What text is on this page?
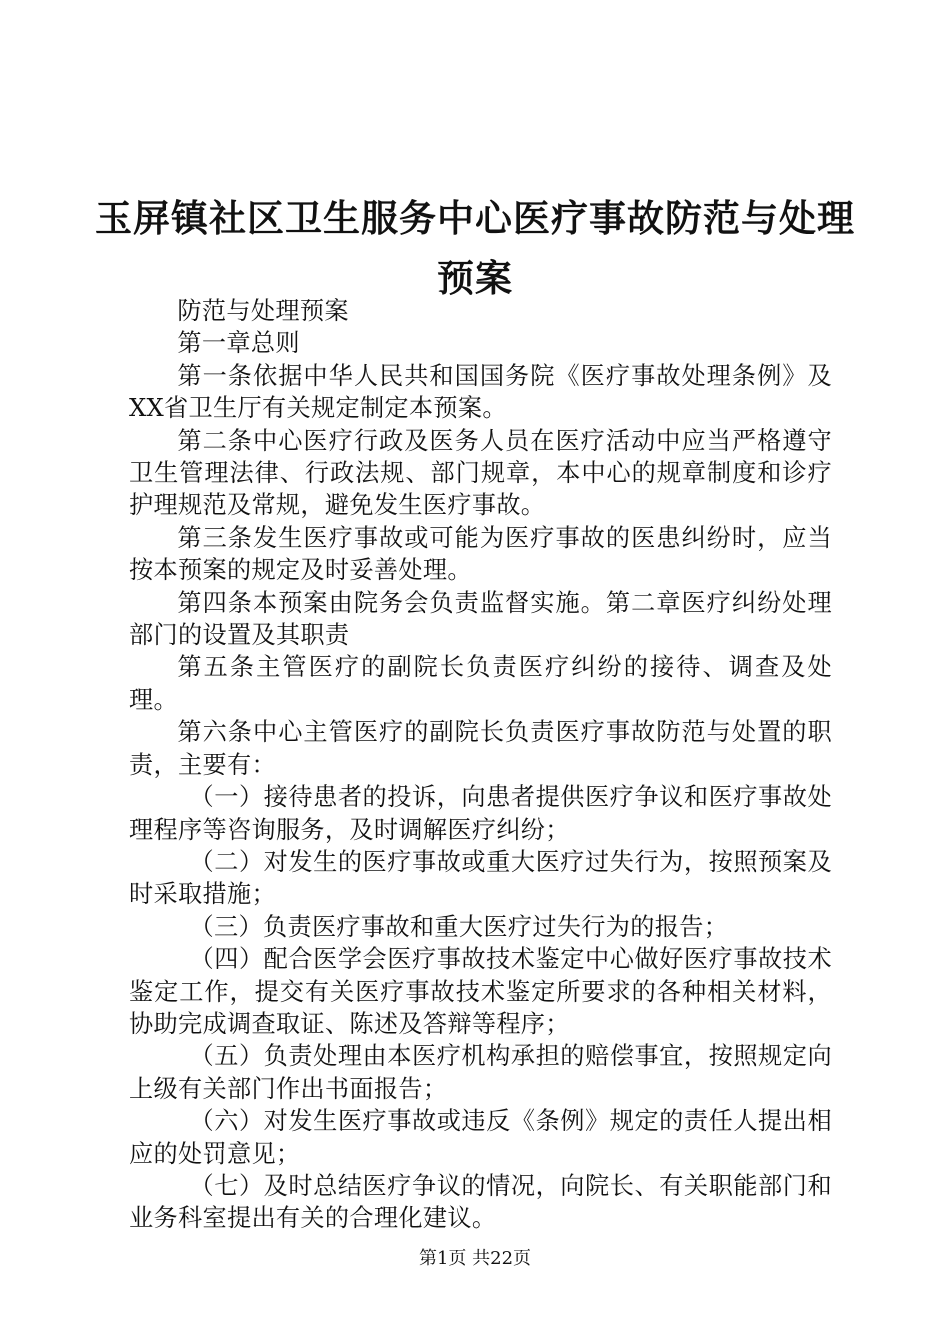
玉屏镇社区卫生服务中心医疗事故防范与处理
预案

防范与处理预案

第一章总则

第一条依据中华人民共和国国务院《医疗事故处理条例》及XX省卫生厅有关规定制定本预案。

第二条中心医疗行政及医务人员在医疗活动中应当严格遵守卫生管理法律、行政法规、部门规章，本中心的规章制度和诊疗护理规范及常规，避免发生医疗事故。

第三条发生医疗事故或可能为医疗事故的医患纠纷时，应当按本预案的规定及时妥善处理。

第四条本预案由院务会负责监督实施。第二章医疗纠纷处理部门的设置及其职责

第五条主管医疗的副院长负责医疗纠纷的接待、调查及处理。

第六条中心主管医疗的副院长负责医疗事故防范与处置的职责，主要有：

（一）接待患者的投诉，向患者提供医疗争议和医疗事故处理程序等咨询服务，及时调解医疗纠纷；

（二）对发生的医疗事故或重大医疗过失行为，按照预案及时采取措施；

（三）负责医疗事故和重大医疗过失行为的报告；

（四）配合医学会医疗事故技术鉴定中心做好医疗事故技术鉴定工作，提交有关医疗事故技术鉴定所要求的各种相关材料，协助完成调查取证、陈述及答辩等程序；

（五）负责处理由本医疗机构承担的赔偿事宜，按照规定向上级有关部门作出书面报告；

（六）对发生医疗事故或违反《条例》规定的责任人提出相应的处罚意见；

（七）及时总结医疗争议的情况，向院长、有关职能部门和业务科室提出有关的合理化建议。

第1页 共22页
